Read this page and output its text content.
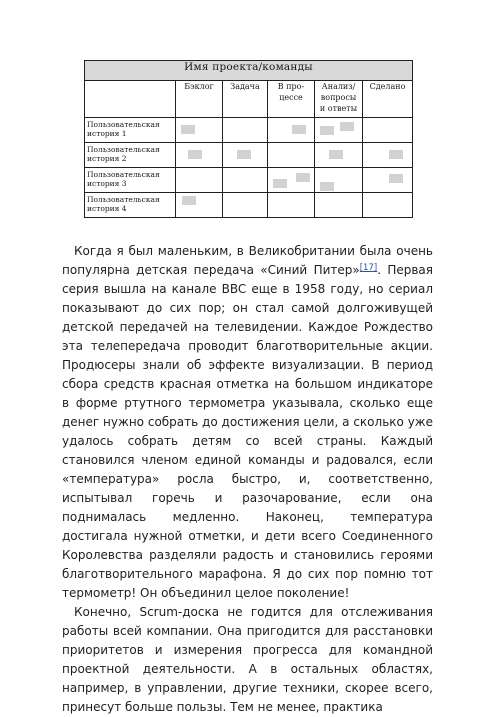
Имя проекта/команды					
	Бэклог	Задача	В про-
цессе	Анализ/
вопросы
и ответы	Сделано
Пользовательская история 1	

Пользовательская история 2	

Пользовательская история 3			

Пользовательская история 4	

Когда я был маленьким, в Великобритании была очень популярна детская передача «Синий Питер»[17]. Первая серия вышла на канале BBC еще в 1958 году, но сериал показывают до сих пор; он стал самой долгоживущей детской передачей на телевидении. Каждое Рождество эта телепередача проводит благотворительные акции. Продюсеры знали об эффекте визуализации. В период сбора средств красная отметка на большом индикаторе в форме ртутного термометра указывала, сколько еще денег нужно собрать до достижения цели, а сколько уже удалось собрать детям со всей страны. Каждый становился членом единой команды и радовался, если «температура» росла быстро, и, соответственно, испытывал горечь и разочарование, если она поднималась медленно. Наконец, температура достигала нужной отметки, и дети всего Соединенного Королевства разделяли радость и становились героями благотворительного марафона. Я до сих пор помню тот термометр! Он объединил целое поколение!

Конечно, Scrum-доска не годится для отслеживания работы всей компании. Она пригодится для расстановки приоритетов и измерения прогресса для командной проектной деятельности. А в остальных областях, например, в управлении, другие техники, скорее всего, принесут больше пользы. Тем не менее, практика
